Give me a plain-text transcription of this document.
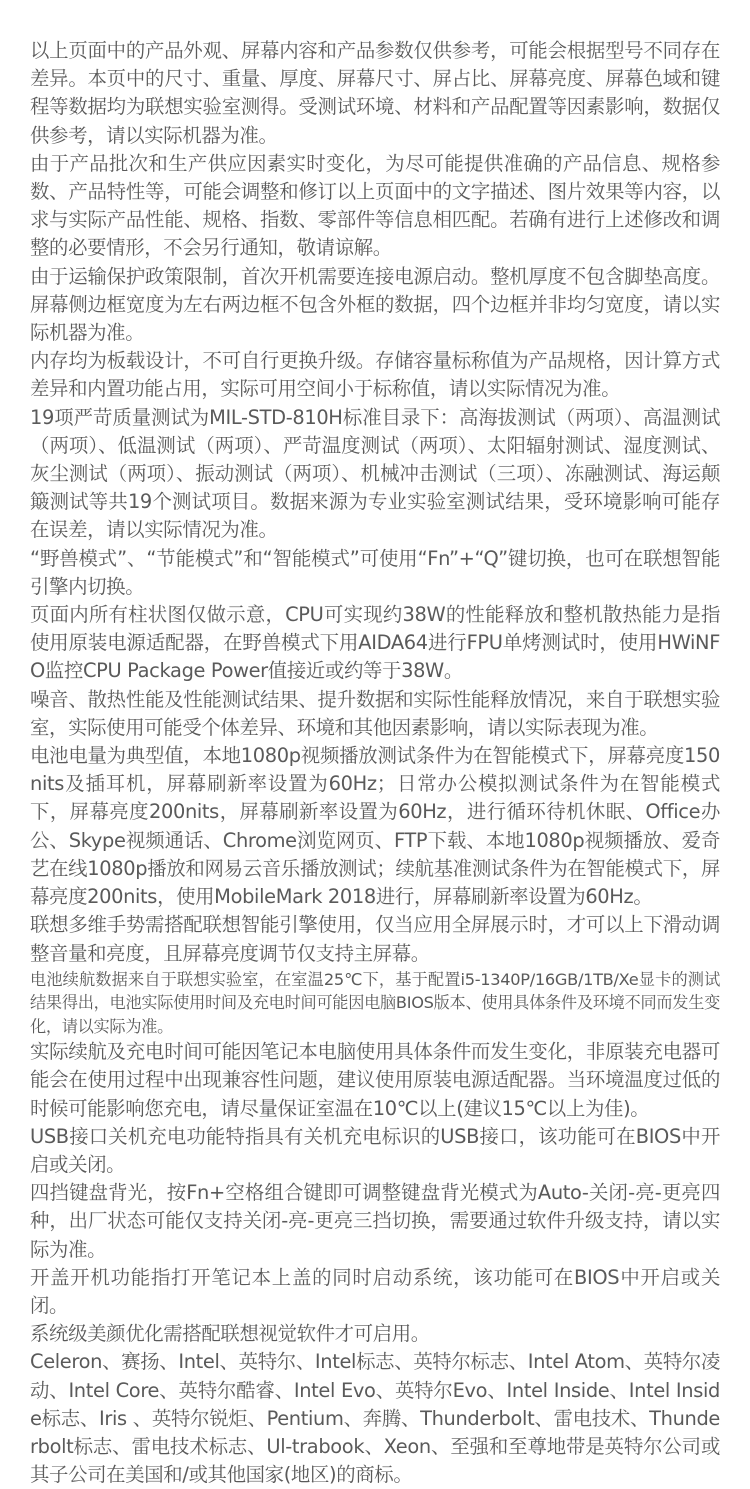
以上页面中的产品外观、屏幕内容和产品参数仅供参考，可能会根据型号不同存在差异。本页中的尺寸、重量、厚度、屏幕尺寸、屏占比、屏幕亮度、屏幕色域和键程等数据均为联想实验室测得。受测试环境、材料和产品配置等因素影响，数据仅供参考，请以实际机器为准。

由于产品批次和生产供应因素实时变化，为尽可能提供准确的产品信息、规格参数、产品特性等，可能会调整和修订以上页面中的文字描述、图片效果等内容，以求与实际产品性能、规格、指数、零部件等信息相匹配。若确有进行上述修改和调整的必要情形，不会另行通知，敬请谅解。

由于运输保护政策限制，首次开机需要连接电源启动。整机厚度不包含脚垫高度。屏幕侧边框宽度为左右两边框不包含外框的数据，四个边框并非均匀宽度，请以实际机器为准。

内存均为板载设计，不可自行更换升级。存储容量标称值为产品规格，因计算方式差异和内置功能占用，实际可用空间小于标称值，请以实际情况为准。

19项严苛质量测试为MIL-STD-810H标准目录下：高海拔测试（两项）、高温测试（两项）、低温测试（两项）、严苛温度测试（两项）、太阳辐射测试、湿度测试、灰尘测试（两项）、振动测试（两项）、机械冲击测试（三项）、冻融测试、海运颠簸测试等共19个测试项目。数据来源为专业实验室测试结果，受环境影响可能存在误差，请以实际情况为准。

“野兽模式”、“节能模式”和“智能模式”可使用“Fn”+“Q”键切换，也可在联想智能引擎内切换。

页面内所有柱状图仅做示意，CPU可实现约38W的性能释放和整机散热能力是指使用原装电源适配器，在野兽模式下用AIDA64进行FPU单烤测试时，使用HWiNFO监控CPU Package Power值接近或约等于38W。

噪音、散热性能及性能测试结果、提升数据和实际性能释放情况，来自于联想实验室，实际使用可能受个体差异、环境和其他因素影响，请以实际表现为准。

电池电量为典型值，本地1080p视频播放测试条件为在智能模式下，屏幕亮度150nits及插耳机，屏幕刷新率设置为60Hz；日常办公模拟测试条件为在智能模式下，屏幕亮度200nits，屏幕刷新率设置为60Hz，进行循环待机休眠、Office办公、Skype视频通话、Chrome浏览网页、FTP下载、本地1080p视频播放、爱奇艺在线1080p播放和网易云音乐播放测试；续航基准测试条件为在智能模式下，屏幕亮度200nits，使用MobileMark 2018进行，屏幕刷新率设置为60Hz。

联想多维手势需搭配联想智能引擎使用，仅当应用全屏展示时，才可以上下滑动调整音量和亮度，且屏幕亮度调节仅支持主屏幕。

电池续航数据来自于联想实验室，在室温25℃下，基于配置i5-1340P/16GB/1TB/Xe显卡的测试结果得出，电池实际使用时间及充电时间可能因电脑BIOS版本、使用具体条件及环境不同而发生变化，请以实际为准。

实际续航及充电时间可能因笔记本电脑使用具体条件而发生变化，非原装充电器可能会在使用过程中出现兼容性问题，建议使用原装电源适配器。当环境温度过低的时候可能影响您充电，请尽量保证室温在10℃以上(建议15℃以上为佳)。

USB接口关机充电功能特指具有关机充电标识的USB接口，该功能可在BIOS中开启或关闭。

四挡键盘背光，按Fn+空格组合键即可调整键盘背光模式为Auto-关闭-亮-更亮四种，出厂状态可能仅支持关闭-亮-更亮三挡切换，需要通过软件升级支持，请以实际为准。

开盖开机功能指打开笔记本上盖的同时启动系统，该功能可在BIOS中开启或关闭。

系统级美颜优化需搭配联想视觉软件才可启用。

Celeron、赛扬、Intel、英特尔、Intel标志、英特尔标志、Intel Atom、英特尔凌动、Intel Core、英特尔酷睿、Intel Evo、英特尔Evo、Intel Inside、Intel Inside标志、Iris 、英特尔锐炬、Pentium、奔腾、Thunderbolt、雷电技术、Thunderbolt标志、雷电技术标志、Ul-trabook、Xeon、至强和至尊地带是英特尔公司或其子公司在美国和/或其他国家(地区)的商标。
